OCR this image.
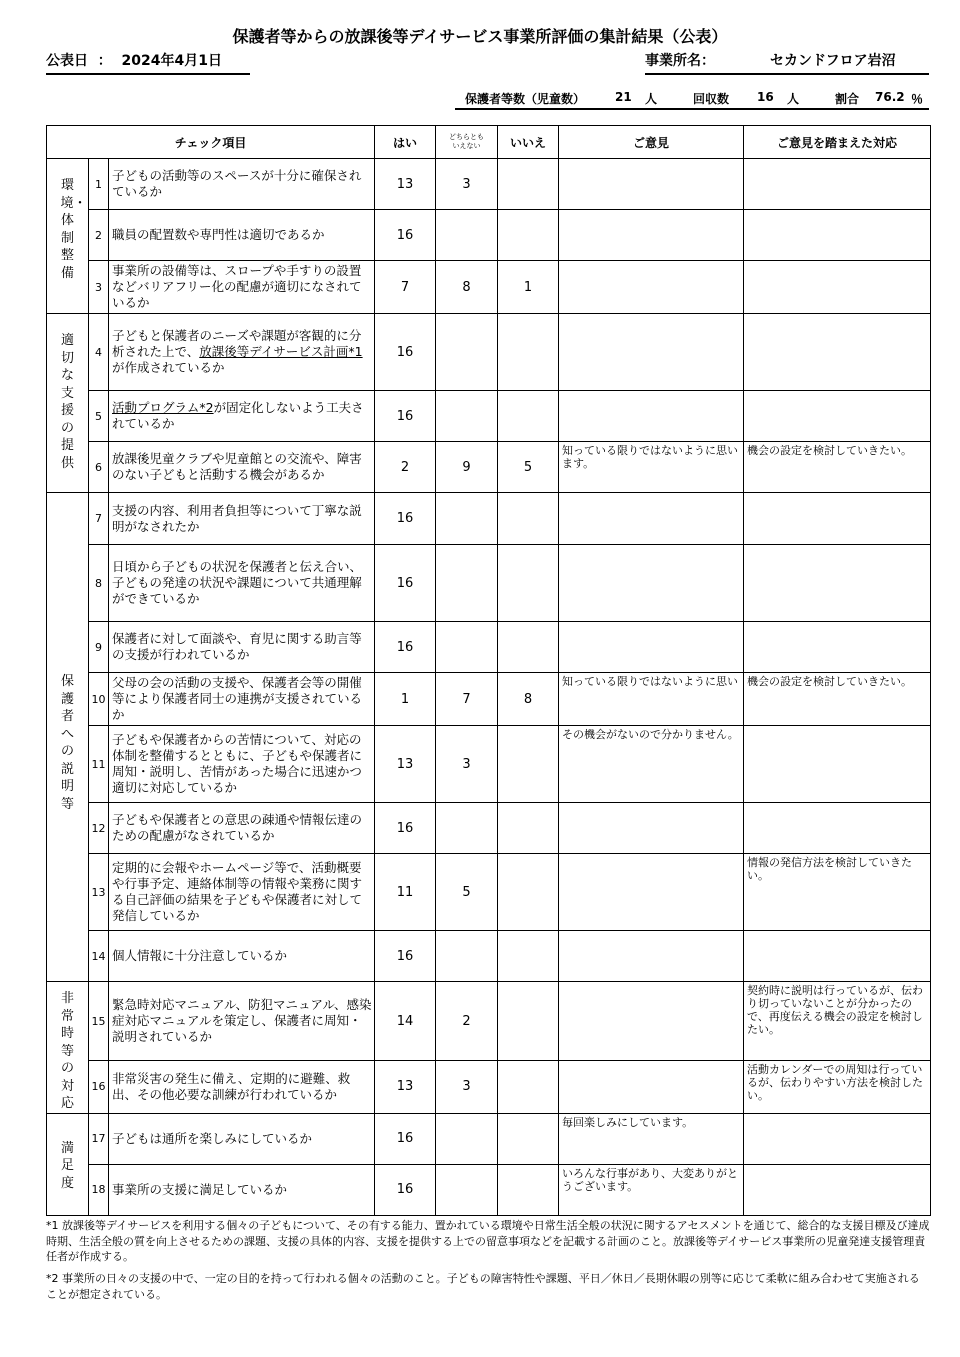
保護者等からの放課後等デイサービス事業所評価の集計結果（公表）
公表日 ： 2024年4月1日	事業所名：	セカンドフロア岩沼

保護者等数（児童数） 21 人	回収数 16 人	割合 76.2 ％
チェック項目			はい	どちらとも
いえない	いいえ	ご意見	ご意見を踏まえた対応

環境・体制整備	1	子どもの活動等のスペースが十分に確保されているか	13	3			
	2	職員の配置数や専門性は適切であるか	16				
	3	事業所の設備等は、スロープや手すりの設置などバリアフリー化の配慮が適切になされているか	7	8	1		

適切な支援の提供	4	子どもと保護者のニーズや課題が客観的に分析された上で、放課後等デイサービス計画*1が作成されているか	16				
	5	活動プログラム*2が固定化しないよう工夫されているか	16				
	6	放課後児童クラブや児童館との交流や、障害のない子どもと活動する機会があるか	2	9	5	知っている限りではないように思います。	機会の設定を検討していきたい。

保護者への説明等	7	支援の内容、利用者負担等について丁寧な説明がなされたか	16				
	8	日頃から子どもの状況を保護者と伝え合い、子どもの発達の状況や課題について共通理解ができているか	16				
	9	保護者に対して面談や、育児に関する助言等の支援が行われているか	16				
	10	父母の会の活動の支援や、保護者会等の開催等により保護者同士の連携が支援されているか	1	7	8	知っている限りではないように思い	機会の設定を検討していきたい。
	11	子どもや保護者からの苦情について、対応の体制を整備するとともに、子どもや保護者に周知・説明し、苦情があった場合に迅速かつ適切に対応しているか	13	3		その機会がないので分かりません。	
	12	子どもや保護者との意思の疎通や情報伝達のための配慮がなされているか	16				
	13	定期的に会報やホームページ等で、活動概要や行事予定、連絡体制等の情報や業務に関する自己評価の結果を子どもや保護者に対して発信しているか	11	5			情報の発信方法を検討していきたい。
	14	個人情報に十分注意しているか	16				

非常時等の対応	15	緊急時対応マニュアル、防犯マニュアル、感染症対応マニュアルを策定し、保護者に周知・説明されているか	14	2			契約時に説明は行っているが、伝わり切っていないことが分かったので、再度伝える機会の設定を検討したい。
	16	非常災害の発生に備え、定期的に避難、救出、その他必要な訓練が行われているか	13	3			活動カレンダーでの周知は行っているが、伝わりやすい方法を検討したい。

満足度	17	子どもは通所を楽しみにしているか	16			毎回楽しみにしています。	
	18	事業所の支援に満足しているか	16			いろんな行事があり、大変ありがとうございます。	
*1 放課後等デイサービスを利用する個々の子どもについて、その有する能力、置かれている環境や日常生活全般の状況に関するアセスメントを通じて、総合的な支援目標及び達成時期、生活全般の質を向上させるための課題、支援の具体的内容、支援を提供する上での留意事項などを記載する計画のこと。放課後等デイサービス事業所の児童発達支援管理責任者が作成する。
*2 事業所の日々の支援の中で、一定の目的を持って行われる個々の活動のこと。子どもの障害特性や課題、平日／休日／長期休暇の別等に応じて柔軟に組み合わせて実施されることが想定されている。
